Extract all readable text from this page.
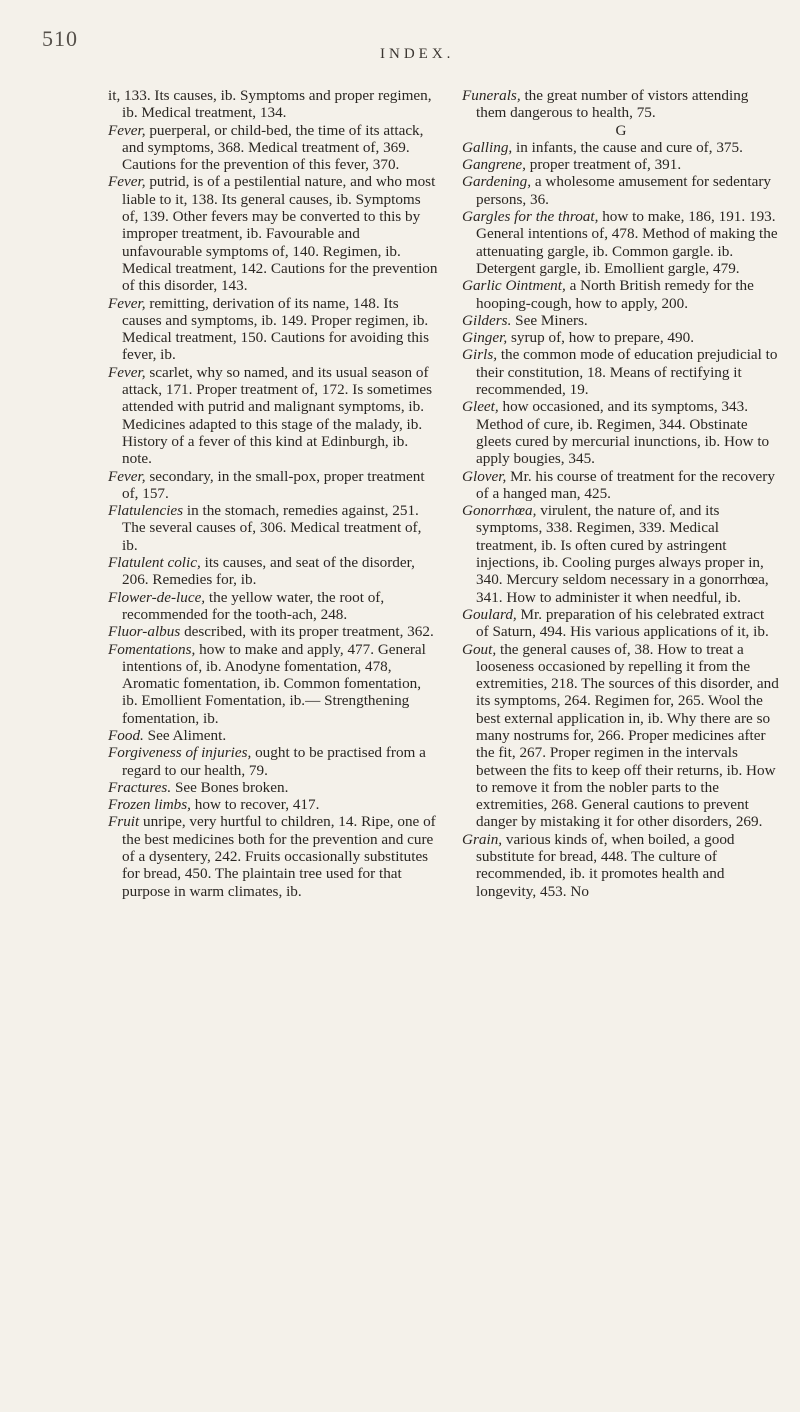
510
INDEX.

it, 133. Its causes, ib. Symptoms and proper regimen, ib. Medical treatment, 134.

Fever, puerperal, or child-bed, the time of its attack, and symptoms, 368. Medical treatment of, 369. Cautions for the prevention of this fever, 370.

Fever, putrid, is of a pestilential nature, and who most liable to it, 138. Its general causes, ib. Symptoms of, 139. Other fevers may be converted to this by improper treatment, ib. Favourable and unfavourable symptoms of, 140. Regimen, ib. Medical treatment, 142. Cautions for the prevention of this disorder, 143.

Fever, remitting, derivation of its name, 148. Its causes and symptoms, ib. 149. Proper regimen, ib. Medical treatment, 150. Cautions for avoiding this fever, ib.

Fever, scarlet, why so named, and its usual season of attack, 171. Proper treatment of, 172. Is sometimes attended with putrid and malignant symptoms, ib. Medicines adapted to this stage of the malady, ib. History of a fever of this kind at Edinburgh, ib. note.

Fever, secondary, in the small-pox, proper treatment of, 157.

Flatulencies in the stomach, remedies against, 251. The several causes of, 306. Medical treatment of, ib.

Flatulent colic, its causes, and seat of the disorder, 206. Remedies for, ib.

Flower-de-luce, the yellow water, the root of, recommended for the tooth-ach, 248.

Fluor-albus described, with its proper treatment, 362.

Fomentations, how to make and apply, 477. General intentions of, ib. Anodyne fomentation, 478, Aromatic fomentation, ib. Common fomentation, ib. Emollient Fomentation, ib.— Strengthening fomentation, ib.

Food. See Aliment.

Forgiveness of injuries, ought to be practised from a regard to our health, 79.

Fractures. See Bones broken.

Frozen limbs, how to recover, 417.

Fruit unripe, very hurtful to children, 14. Ripe, one of the best medicines both for the prevention and cure of a dysentery, 242. Fruits occasionally substitutes for bread, 450. The plaintain tree used for that purpose in warm climates, ib.

Funerals, the great number of vistors attending them dangerous to health, 75.

G

Galling, in infants, the cause and cure of, 375.

Gangrene, proper treatment of, 391.

Gardening, a wholesome amusement for sedentary persons, 36.

Gargles for the throat, how to make, 186, 191. 193. General intentions of, 478. Method of making the attenuating gargle, ib. Common gargle. ib. Detergent gargle, ib. Emollient gargle, 479.

Garlic Ointment, a North British remedy for the hooping-cough, how to apply, 200.

Gilders. See Miners.

Ginger, syrup of, how to prepare, 490.

Girls, the common mode of education prejudicial to their constitution, 18. Means of rectifying it recommended, 19.

Gleet, how occasioned, and its symptoms, 343. Method of cure, ib. Regimen, 344. Obstinate gleets cured by mercurial inunctions, ib. How to apply bougies, 345.

Glover, Mr. his course of treatment for the recovery of a hanged man, 425.

Gonorrhœa, virulent, the nature of, and its symptoms, 338. Regimen, 339. Medical treatment, ib. Is often cured by astringent injections, ib. Cooling purges always proper in, 340. Mercury seldom necessary in a gonorrhœa, 341. How to administer it when needful, ib.

Goulard, Mr. preparation of his celebrated extract of Saturn, 494. His various applications of it, ib.

Gout, the general causes of, 38. How to treat a looseness occasioned by repelling it from the extremities, 218. The sources of this disorder, and its symptoms, 264. Regimen for, 265. Wool the best external application in, ib. Why there are so many nostrums for, 266. Proper medicines after the fit, 267. Proper regimen in the intervals between the fits to keep off their returns, ib. How to remove it from the nobler parts to the extremities, 268. General cautions to prevent danger by mistaking it for other disorders, 269.

Grain, various kinds of, when boiled, a good substitute for bread, 448. The culture of recommended, ib. it promotes health and longevity, 453. No
